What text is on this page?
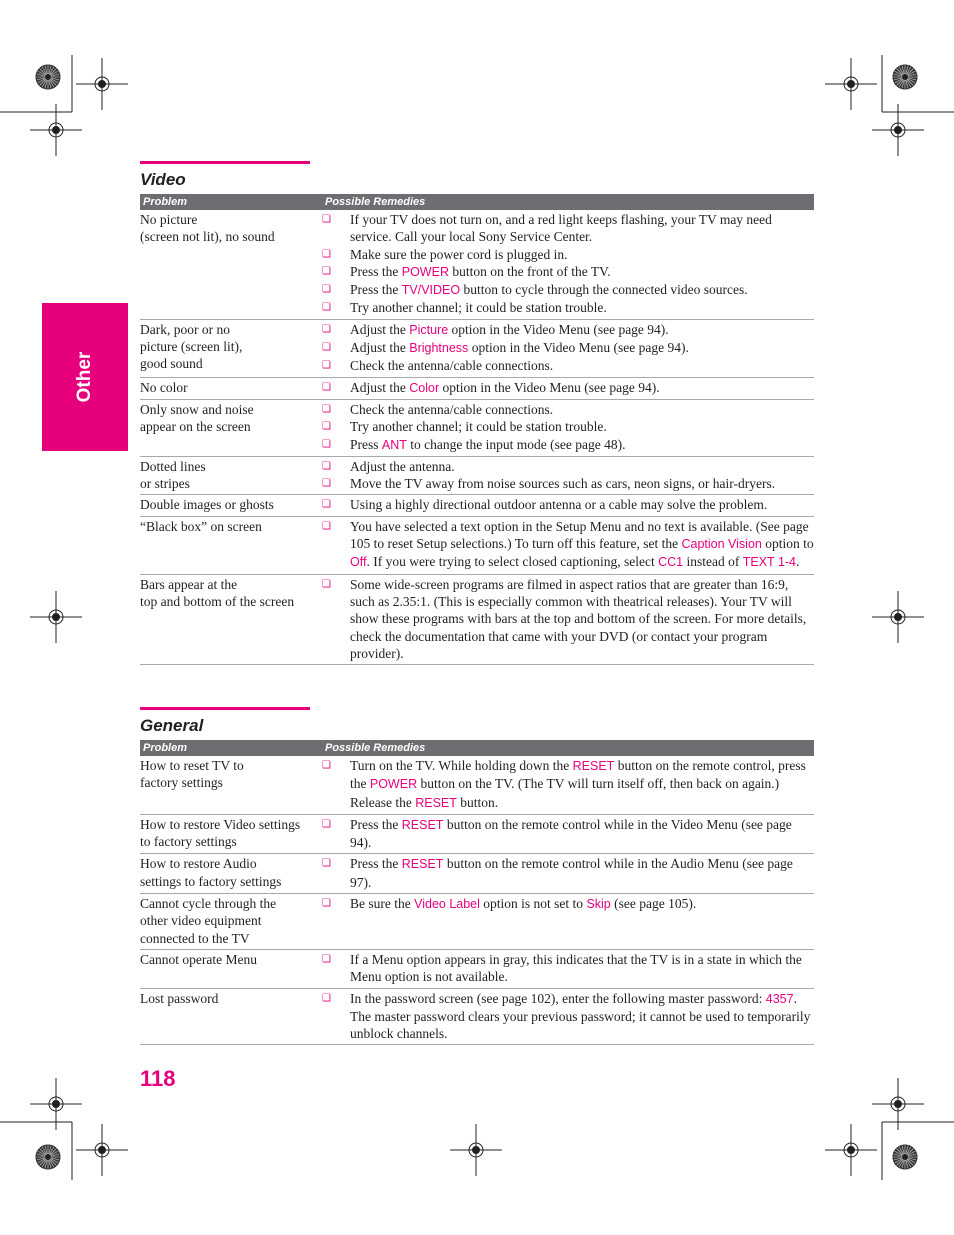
Other
Video
Problem	Possible Remedies
No picture
(screen not lit), no sound
❏	If your TV does not turn on, and a red light keeps flashing, your TV may need service. Call your local Sony Service Center.
❏	Make sure the power cord is plugged in.
❏	Press the POWER button on the front of the TV.
❏	Press the TV/VIDEO button to cycle through the connected video sources.
❏	Try another channel; it could be station trouble.
Dark, poor or no
picture (screen lit),
good sound
❏	Adjust the Picture option in the Video Menu (see page 94).
❏	Adjust the Brightness option in the Video Menu (see page 94).
❏	Check the antenna/cable connections.
No color	❏	Adjust the Color option in the Video Menu (see page 94).
Only snow and noise
appear on the screen
❏	Check the antenna/cable connections.
❏	Try another channel; it could be station trouble.
❏	Press ANT to change the input mode (see page 48).
Dotted lines
or stripes
❏	Adjust the antenna.
❏	Move the TV away from noise sources such as cars, neon signs, or hair-dryers.
Double images or ghosts	❏	Using a highly directional outdoor antenna or a cable may solve the problem.
“Black box” on screen	❏	You have selected a text option in the Setup Menu and no text is available. (See page 105 to reset Setup selections.) To turn off this feature, set the Caption Vision option to Off. If you were trying to select closed captioning, select CC1 instead of TEXT 1-4.
Bars appear at the
top and bottom of the screen
❏	Some wide-screen programs are filmed in aspect ratios that are greater than 16:9, such as 2.35:1. (This is especially common with theatrical releases). Your TV will show these programs with bars at the top and bottom of the screen. For more details, check the documentation that came with your DVD (or contact your program provider).
General
Problem	Possible Remedies
How to reset TV to
factory settings
❏	Turn on the TV. While holding down the RESET button on the remote control, press the POWER button on the TV. (The TV will turn itself off, then back on again.) Release the RESET button.
How to restore Video settings
to factory settings
❏	Press the RESET button on the remote control while in the Video Menu (see page 94).
How to restore Audio
settings to factory settings
❏	Press the RESET button on the remote control while in the Audio Menu (see page 97).
Cannot cycle through the
other video equipment
connected to the TV
❏	Be sure the Video Label option is not set to Skip (see page 105).
Cannot operate Menu	❏	If a Menu option appears in gray, this indicates that the TV is in a state in which the Menu option is not available.
Lost password	❏	In the password screen (see page 102), enter the following master password: 4357. The master password clears your previous password; it cannot be used to temporarily unblock channels.
118
